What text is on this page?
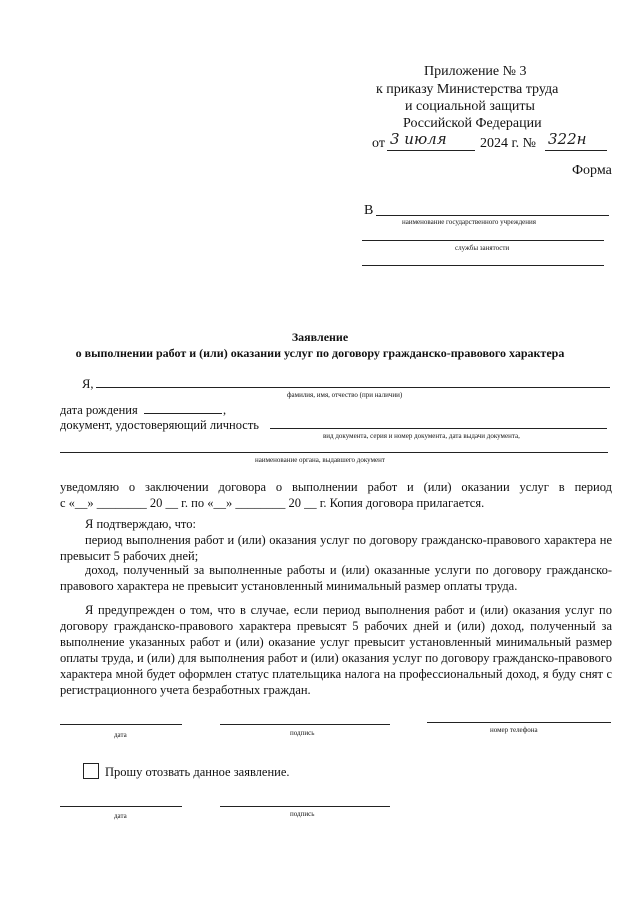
Приложение № 3
к приказу Министерства труда
и социальной защиты
Российской Федерации
от 3 июля 2024 г. № 322н
Форма
В
наименование государственного учреждения
службы занятости
Заявление
о выполнении работ и (или) оказании услуг по договору гражданско-правового характера
Я,
фамилия, имя, отчество (при наличии)
дата рождения	,
документ, удостоверяющий личность
вид документа, серия и номер документа, дата выдачи документа,
наименование органа, выдавшего документ
уведомляю о заключении договора о выполнении работ и (или) оказании услуг в период
с «__» ________ 20 __ г. по «__» ________ 20 __ г. Копия договора прилагается.
Я подтверждаю, что:
период выполнения работ и (или) оказания услуг по договору гражданско-правового характера не превысит 5 рабочих дней;
доход, полученный за выполненные работы и (или) оказанные услуги по договору гражданско-правового характера не превысит установленный минимальный размер оплаты труда.
Я предупрежден о том, что в случае, если период выполнения работ и (или) оказания услуг по договору гражданско-правового характера превысят 5 рабочих дней и (или) доход, полученный за выполнение указанных работ и (или) оказание услуг превысит установленный минимальный размер оплаты труда, и (или) для выполнения работ и (или) оказания услуг по договору гражданско-правового характера мной будет оформлен статус плательщика налога на профессиональный доход, я буду снят с регистрационного учета безработных граждан.
дата	подпись	номер телефона
Прошу отозвать данное заявление.
дата	подпись
